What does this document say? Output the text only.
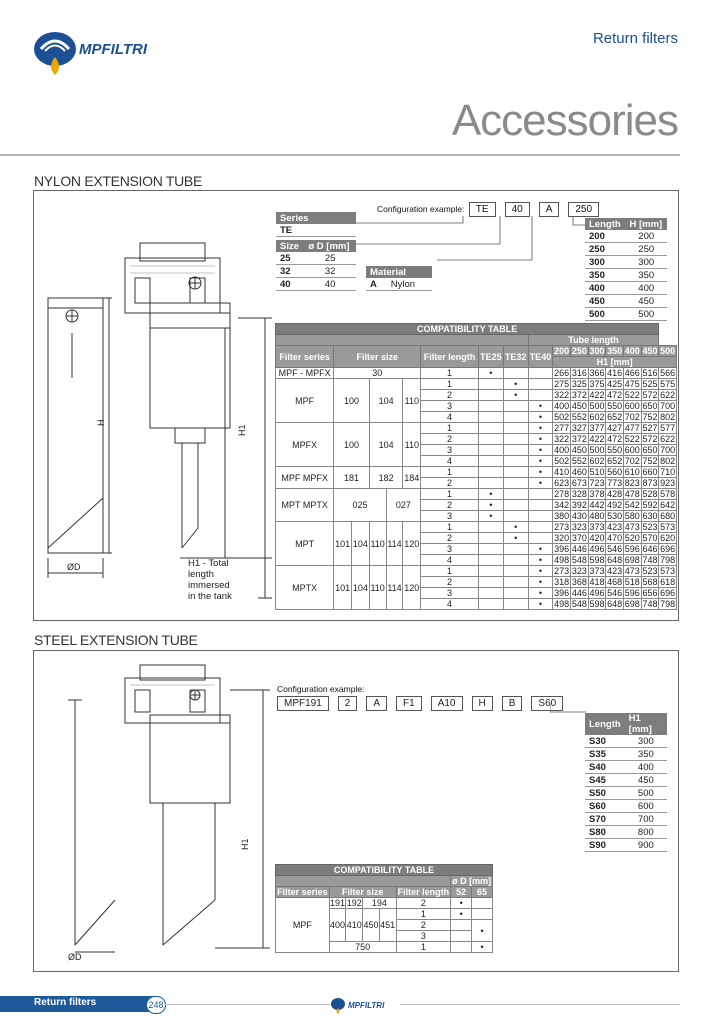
MPFILTRI
Return filters
Accessories
NYLON EXTENSION TUBE
H
H1
ØD	H1 - Total
length
immersed
in the tank
Configuration example: TE 40 A 250
Series
TE
Size	ø D [mm]
25	25
32	32
40	40
Material
A	Nylon
Length	H [mm]
200	200
250	250
300	300
350	350
400	400
450	450
500	500
COMPATIBILITY TABLE																
									Tube length							
Filter series	Filter size					Filter length	TE25	TE32	TE40	200	250	300	350	400	450	500
										H1 [mm]						
MPF - MPFX	30					1	•			266	316	366	416	466	516	566
MPF	100		104		110	1		•		275	325	375	425	475	525	575
						2		•		322	372	422	472	522	572	622
						3			•	400	450	500	550	600	650	700
						4			•	502	552	602	652	702	752	802
MPFX	100		104		110	1			•	277	327	377	427	477	527	577
						2			•	322	372	422	472	522	572	622
						3			•	400	450	500	550	600	650	700
						4			•	502	552	602	652	702	752	802
MPF MPFX	181		182		184	1			•	410	460	510	560	610	660	710
						2			•	623	673	723	773	823	873	923
MPT MPTX	025			027		1	•			278	328	378	428	478	528	578
						2	•			342	392	442	492	542	592	642
						3	•			380	430	480	530	580	630	680
MPT	101	104	110	114	120	1		•		273	323	373	423	473	523	573
						2		•		320	370	420	470	520	570	620
						3			•	396	446	496	546	596	646	696
						4			•	498	548	598	648	698	748	798
MPTX	101	104	110	114	120	1			•	273	323	373	423	473	523	573
						2			•	318	368	418	468	518	568	618
						3			•	396	446	496	546	596	656	696
						4			•	498	548	598	648	698	748	798
STEEL EXTENSION TUBE
H1
ØD
Configuration example:
MPF191 2 A F1 A10 H B S60
Length	H1 [mm]
S30	300
S35	350
S40	400
S45	450
S50	500
S60	600
S70	700
S80	800
S90	900
COMPATIBILITY TABLE							
						ø D [mm]	
Filter series	Filter size				Filter length	52	65

MPF	191	192	194		2	•	
	400	410	450	451	1	•	
					2		•
					3		
	750				1		•
Return filters	248	MPFILTRI
